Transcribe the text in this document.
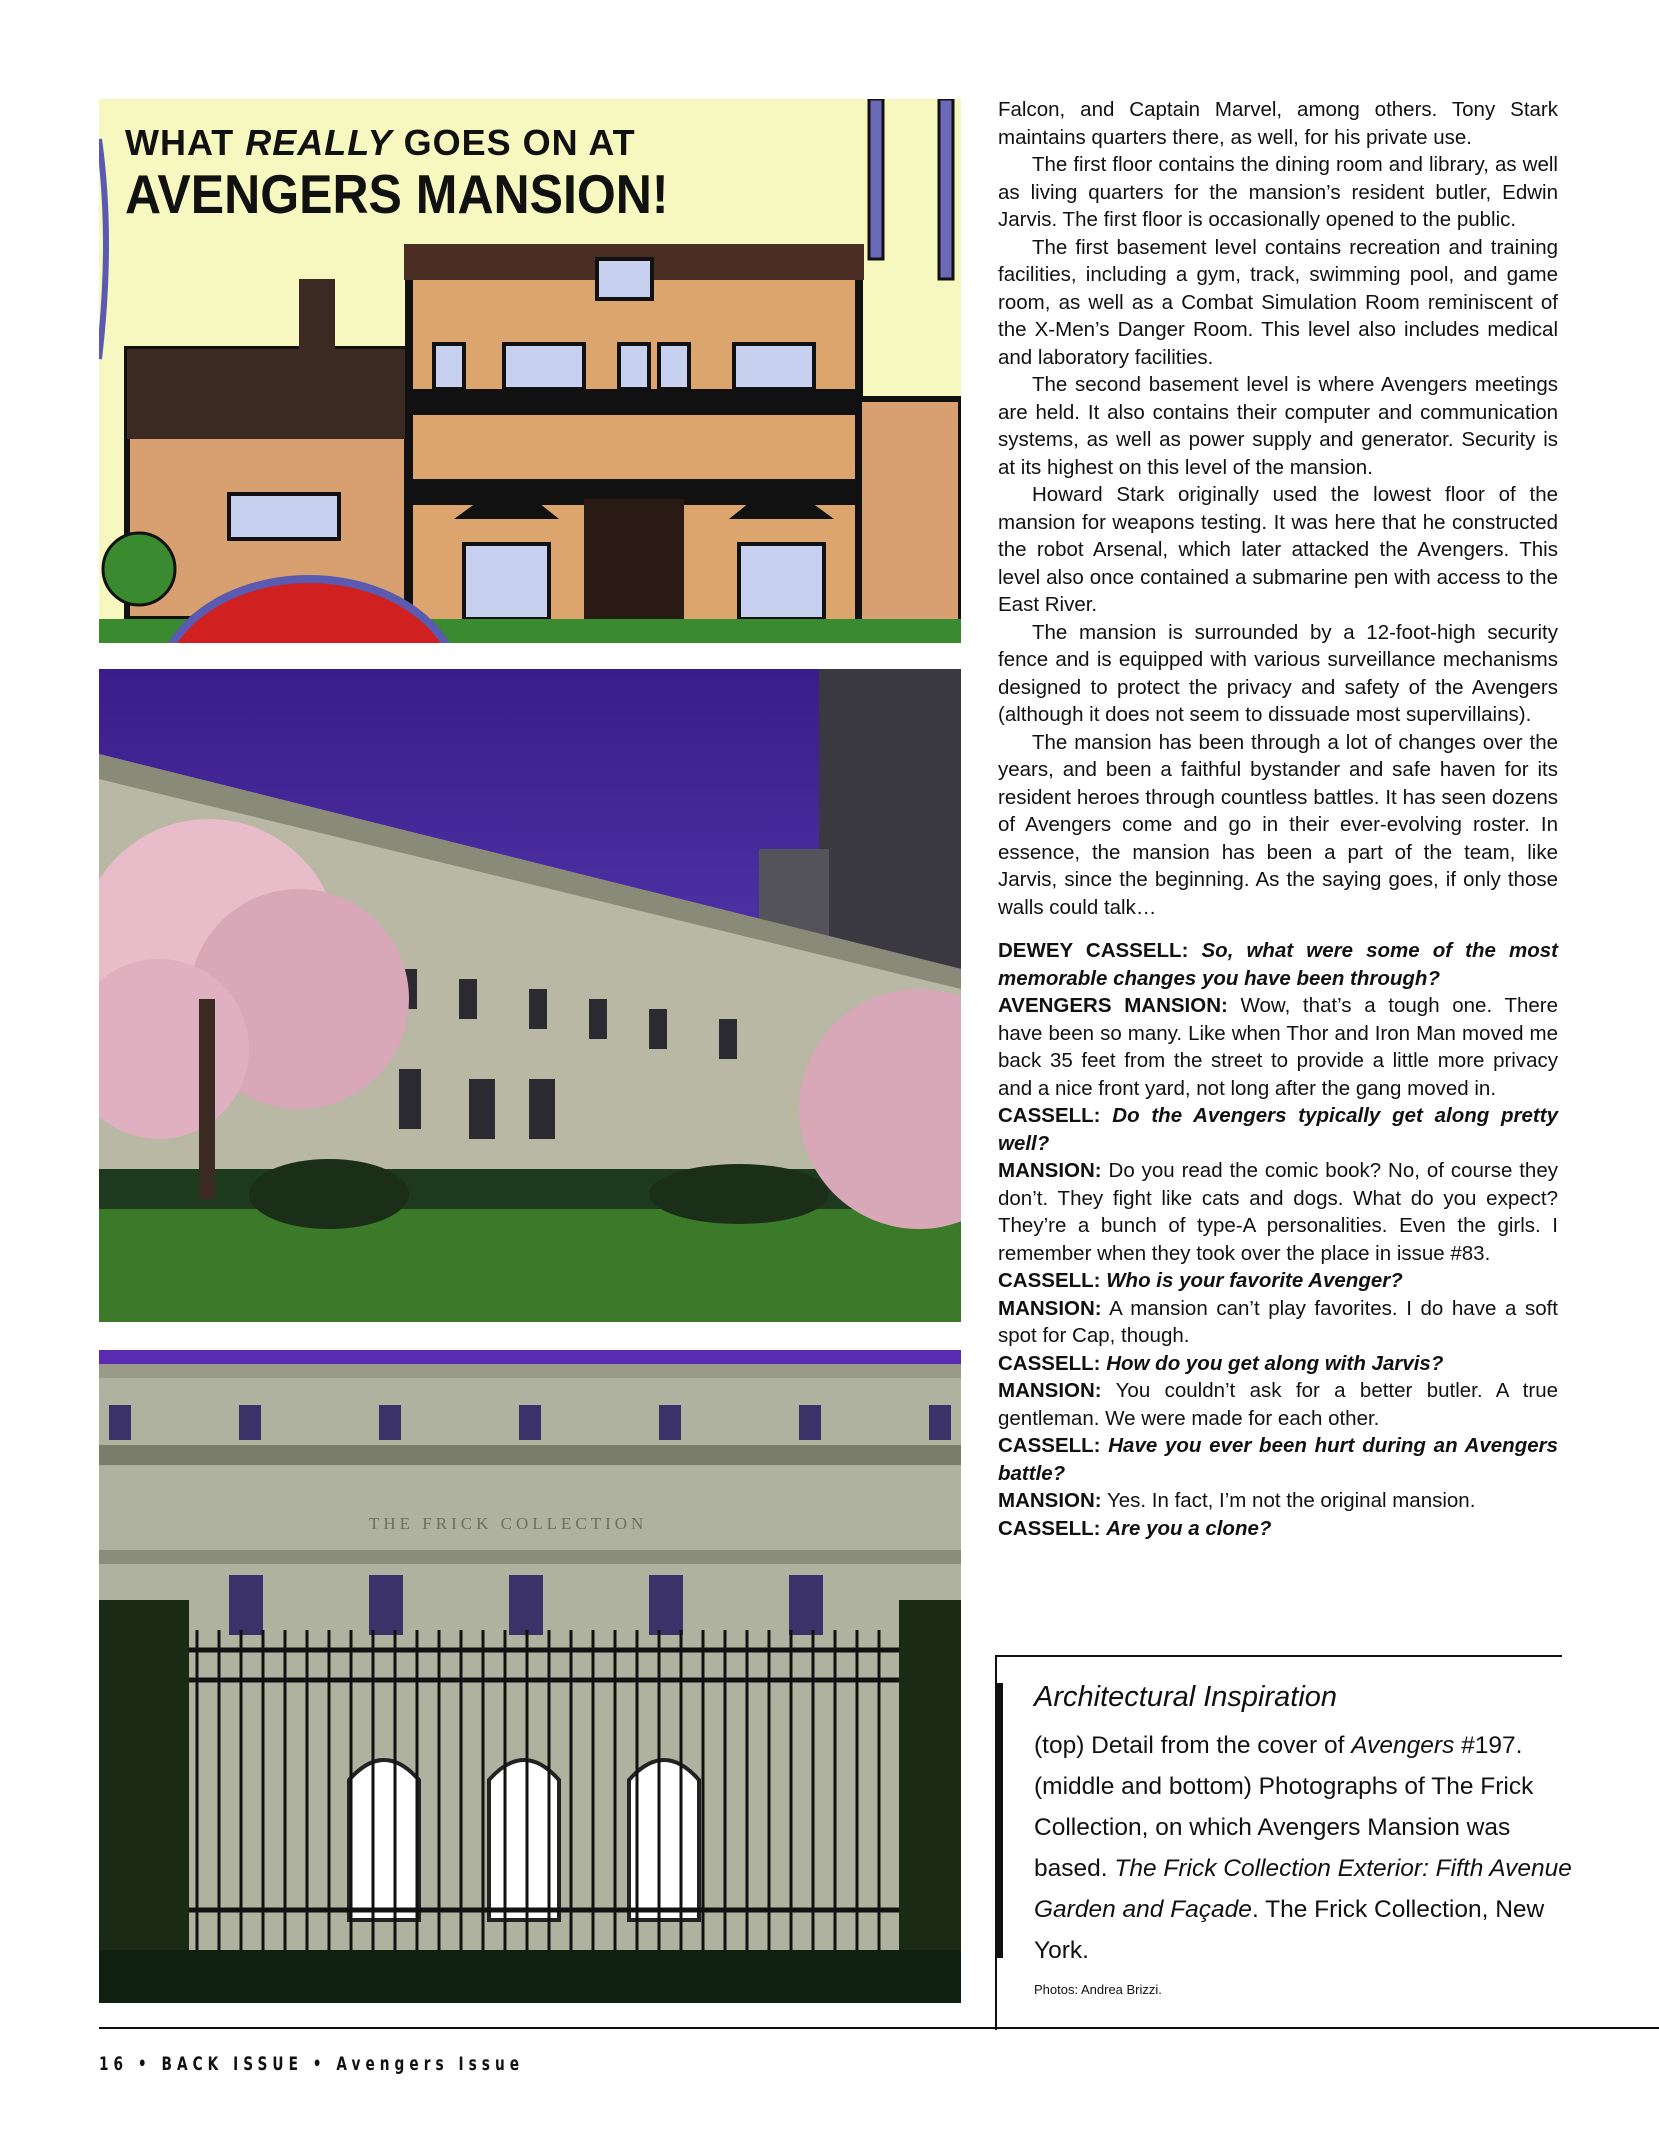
WHAT REALLY GOES ON AT
AVENGERS MANSION!
THE FRICK COLLECTION

Falcon, and Captain Marvel, among others. Tony Stark maintains quarters there, as well, for his private use.

The first floor contains the dining room and library, as well as living quarters for the mansion’s resident butler, Edwin Jarvis. The first floor is occasionally opened to the public.

The first basement level contains recreation and training facilities, including a gym, track, swimming pool, and game room, as well as a Combat Simulation Room reminiscent of the X-Men’s Danger Room. This level also includes medical and laboratory facilities.

The second basement level is where Avengers meetings are held. It also contains their computer and communication systems, as well as power supply and generator. Security is at its highest on this level of the mansion.

Howard Stark originally used the lowest floor of the mansion for weapons testing. It was here that he constructed the robot Arsenal, which later attacked the Avengers. This level also once contained a submarine pen with access to the East River.

The mansion is surrounded by a 12-foot-high security fence and is equipped with various surveillance mechanisms designed to protect the privacy and safety of the Avengers (although it does not seem to dissuade most supervillains).

The mansion has been through a lot of changes over the years, and been a faithful bystander and safe haven for its resident heroes through countless battles. It has seen dozens of Avengers come and go in their ever-evolving roster. In essence, the mansion has been a part of the team, like Jarvis, since the beginning. As the saying goes, if only those walls could talk…

DEWEY CASSELL: So, what were some of the most memorable changes you have been through?
AVENGERS MANSION: Wow, that’s a tough one. There have been so many. Like when Thor and Iron Man moved me back 35 feet from the street to provide a little more privacy and a nice front yard, not long after the gang moved in.
CASSELL: Do the Avengers typically get along pretty well?
MANSION: Do you read the comic book? No, of course they don’t. They fight like cats and dogs. What do you expect? They’re a bunch of type-A personalities. Even the girls. I remember when they took over the place in issue #83.
CASSELL: Who is your favorite Avenger?
MANSION: A mansion can’t play favorites. I do have a soft spot for Cap, though.
CASSELL: How do you get along with Jarvis?
MANSION: You couldn’t ask for a better butler. A true gentleman. We were made for each other.
CASSELL: Have you ever been hurt during an Avengers battle?
MANSION: Yes. In fact, I’m not the original mansion.
CASSELL: Are you a clone?

Architectural Inspiration
(top) Detail from the cover of Avengers #197. (middle and bottom) Photographs of The Frick Collection, on which Avengers Mansion was based. The Frick Collection Exterior: Fifth Avenue Garden and Façade. The Frick Collection, New York.
Photos: Andrea Brizzi.
16 • BACK ISSUE • Avengers Issue
